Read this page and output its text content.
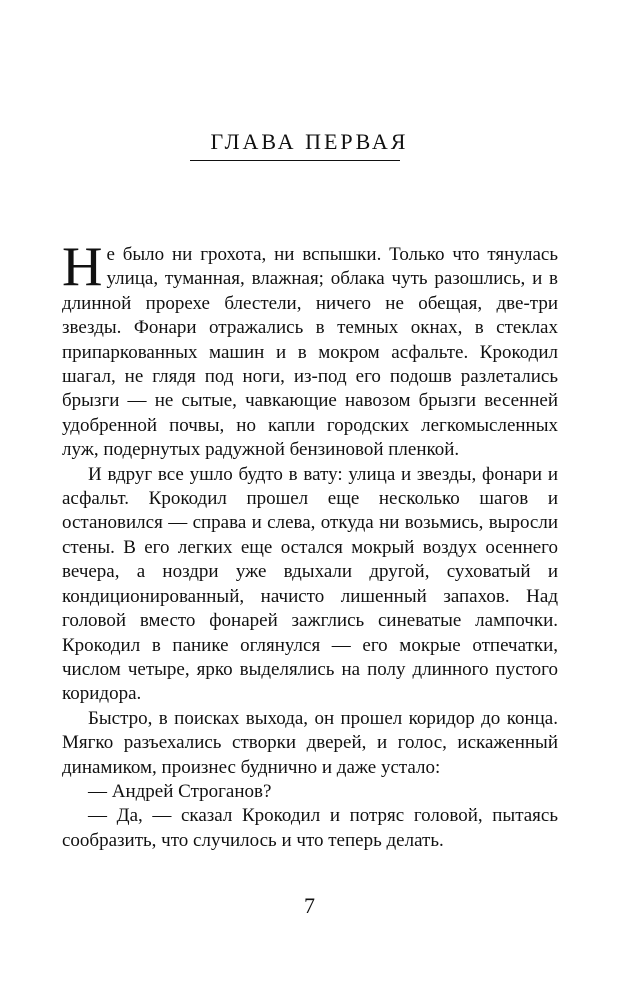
ГЛАВА ПЕРВАЯ

Не было ни грохота, ни вспышки. Только что тянулась улица, туманная, влажная; облака чуть разошлись, и в длинной прорехе блестели, ничего не обещая, две-три звезды. Фонари отражались в темных окнах, в стеклах припаркованных машин и в мокром асфальте. Крокодил шагал, не глядя под ноги, из-под его подошв разлетались брызги — не сытые, чавкающие навозом брызги весенней удобренной почвы, но капли городских легкомысленных луж, подернутых радужной бензиновой пленкой.

И вдруг все ушло будто в вату: улица и звезды, фонари и асфальт. Крокодил прошел еще несколько шагов и остановился — справа и слева, откуда ни возьмись, выросли стены. В его легких еще остался мокрый воздух осеннего вечера, а ноздри уже вдыхали другой, суховатый и кондиционированный, начисто лишенный запахов. Над головой вместо фонарей зажглись синеватые лампочки. Крокодил в панике оглянулся — его мокрые отпечатки, числом четыре, ярко выделялись на полу длинного пустого коридора.

Быстро, в поисках выхода, он прошел коридор до конца. Мягко разъехались створки дверей, и голос, искаженный динамиком, произнес буднично и даже устало:

— Андрей Строганов?

— Да, — сказал Крокодил и потряс головой, пытаясь сообразить, что случилось и что теперь делать.

7
